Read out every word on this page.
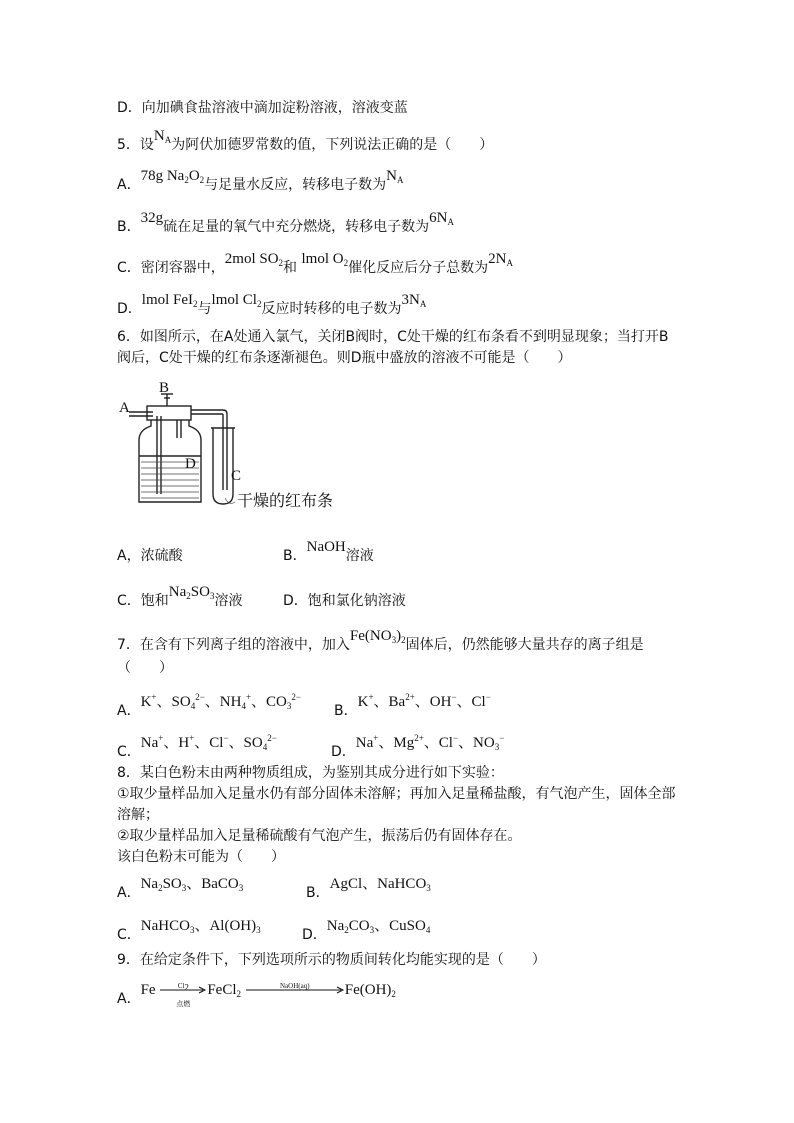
D．向加碘食盐溶液中滴加淀粉溶液，溶液变蓝
5．设$N_A$为阿伏加德罗常数的值，下列说法正确的是（　　）
A．78g $Na_2O_2$与足量水反应，转移电子数为$N_A$
B．32g硫在足量的氧气中充分燃烧，转移电子数为$6N_A$
C．密闭容器中，2mol $SO_2$和 lmol $O_2$催化反应后分子总数为$2N_A$
D．lmol FeI$_2$与lmol $Cl_2$反应时转移的电子数为$3N_A$
6．如图所示，在A处通入氯气，关闭B阀时，C处干燥的红布条看不到明显现象；当打开B
阀后，C处干燥的红布条逐渐褪色。则D瓶中盛放的溶液不可能是（　　）
A
B
D
C
干燥的红布条
A，浓硫酸	B．NaOH溶液
C．饱和$Na_2SO_3$溶液	D．饱和氯化钠溶液
7．在含有下列离子组的溶液中，加入$Fe(NO_3)_2$固体后，仍然能够大量共存的离子组是
（　　）
A．K+、$SO_4^{2-}$、$NH_4^+$、$CO_3^{2-}$
B．K+、$Ba^{2+}$、OH−、Cl−
C．Na+、H+、Cl−、$SO_4^{2-}$
D．Na+、$Mg^{2+}$、Cl−、$NO_3^-$
8．某白色粉末由两种物质组成，为鉴别其成分进行如下实验：
①取少量样品加入足量水仍有部分固体未溶解；再加入足量稀盐酸，有气泡产生，固体全部
溶解；
②取少量样品加入足量稀硫酸有气泡产生，振荡后仍有固体存在。
该白色粉末可能为（　　）
A．$Na_2SO_3$、BaCO$_3$	B．AgCl、NaHCO$_3$
C．NaHCO$_3$、$Al(OH)_3$	D．$Na_2CO_3$、CuSO$_4$
9．在给定条件下，下列选项所示的物质间转化均能实现的是（　　）
A．Fe	$Cl_2$
点燃
FeCl$_2$
NaOH(aq)	$Fe(OH)_2$
